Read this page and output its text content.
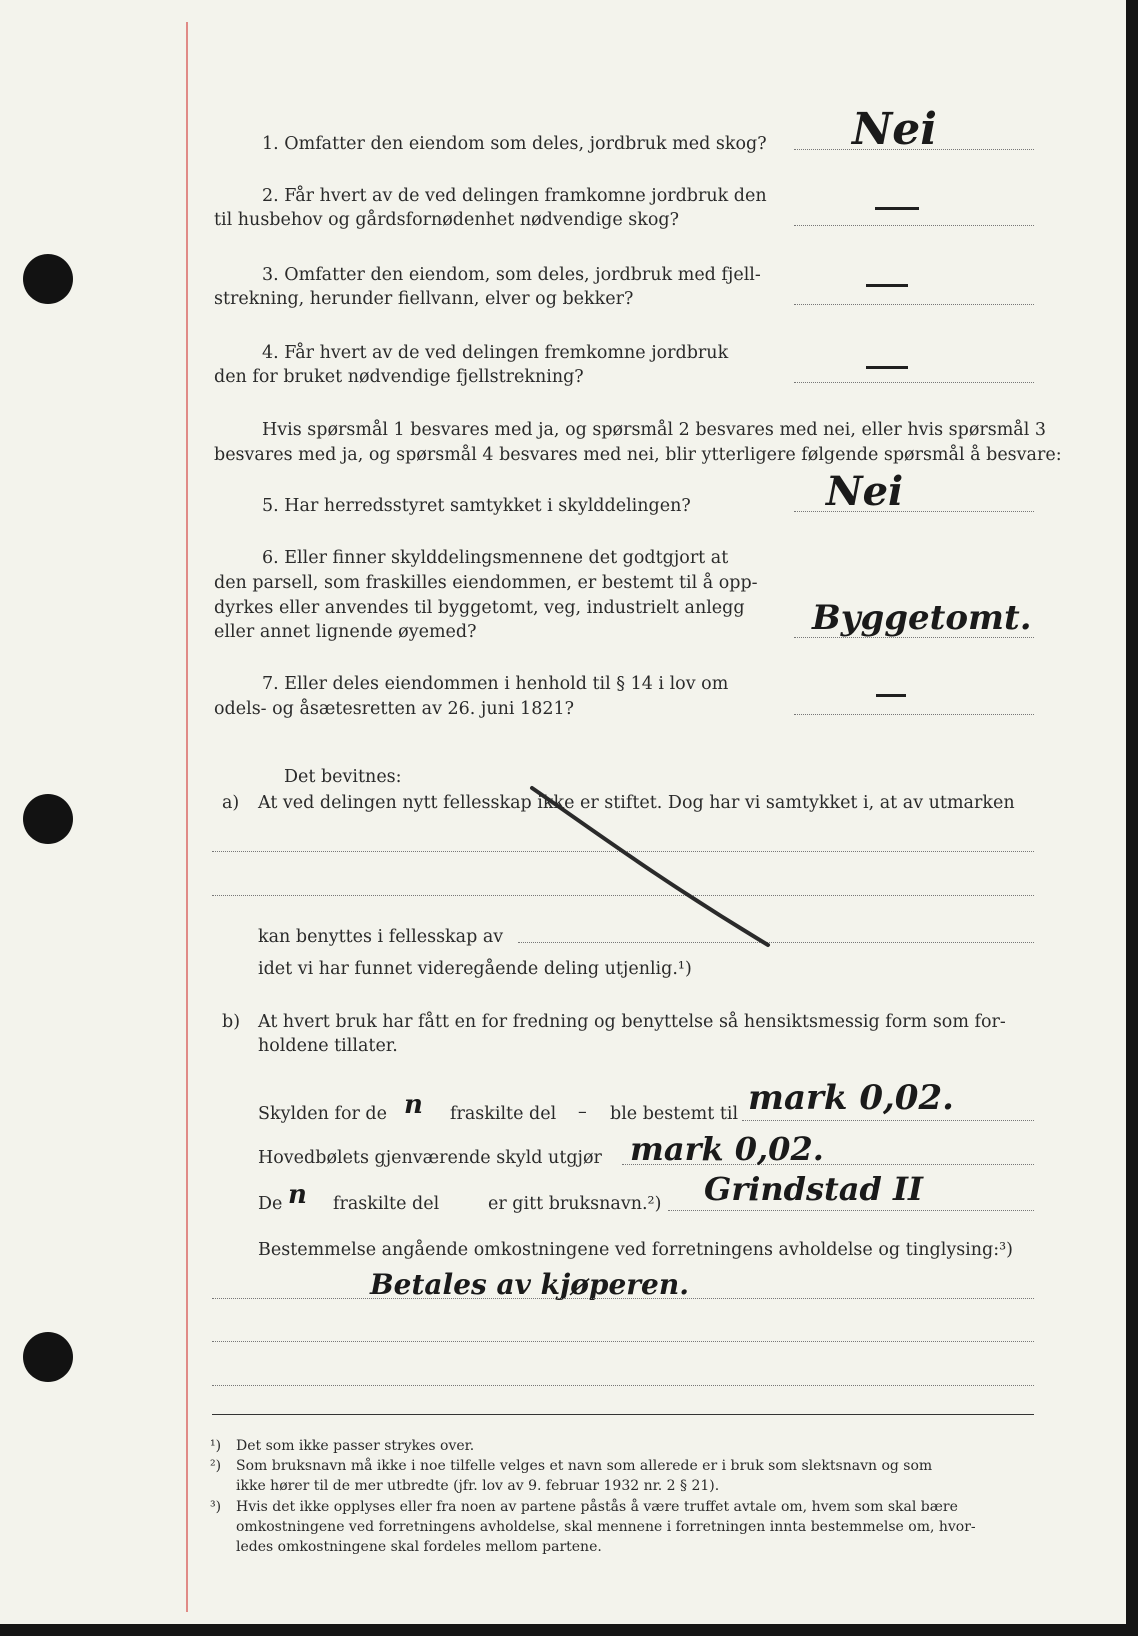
1. Omfatter den eiendom som deles, jordbruk med skog? Nei
2. Får hvert av de ved delingen framkomne jordbruk den
til husbehov og gårdsfornødenhet nødvendige skog?
3. Omfatter den eiendom, som deles, jordbruk med fjell-
strekning, herunder fiellvann, elver og bekker?
4. Får hvert av de ved delingen fremkomne jordbruk
den for bruket nødvendige fjellstrekning?
Hvis spørsmål 1 besvares med ja, og spørsmål 2 besvares med nei, eller hvis spørsmål 3
besvares med ja, og spørsmål 4 besvares med nei, blir ytterligere følgende spørsmål å besvare:
5. Har herredsstyret samtykket i skylddelingen?	Nei
6. Eller finner skylddelingsmennene det godtgjort at
den parsell, som fraskilles eiendommen, er bestemt til å opp-
dyrkes eller anvendes til byggetomt, veg, industrielt anlegg
eller annet lignende øyemed?	Byggetomt.
7. Eller deles eiendommen i henhold til § 14 i lov om
odels- og åsætesretten av 26. juni 1821?
Det bevitnes:
a) At ved delingen nytt fellesskap ikke er stiftet. Dog har vi samtykket i, at av utmarken
kan benyttes i fellesskap av
idet vi har funnet videregående deling utjenlig.¹)
b) At hvert bruk har fått en for fredning og benyttelse så hensiktsmessig form som for-
holdene tillater.
Skylden for de n fraskilte del – ble bestemt til mark 0,02.
Hovedbølets gjenværende skyld utgjør mark 0,02.
De n fraskilte del	er gitt bruksnavn.²) Grindstad II
Bestemmelse angående omkostningene ved forretningens avholdelse og tinglysing:³)
Betales av kjøperen.
¹) Det som ikke passer strykes over.
²) Som bruksnavn må ikke i noe tilfelle velges et navn som allerede er i bruk som slektsnavn og som
ikke hører til de mer utbredte (jfr. lov av 9. februar 1932 nr. 2 § 21).
³) Hvis det ikke opplyses eller fra noen av partene påstås å være truffet avtale om, hvem som skal bære
omkostningene ved forretningens avholdelse, skal mennene i forretningen innta bestemmelse om, hvor-
ledes omkostningene skal fordeles mellom partene.
